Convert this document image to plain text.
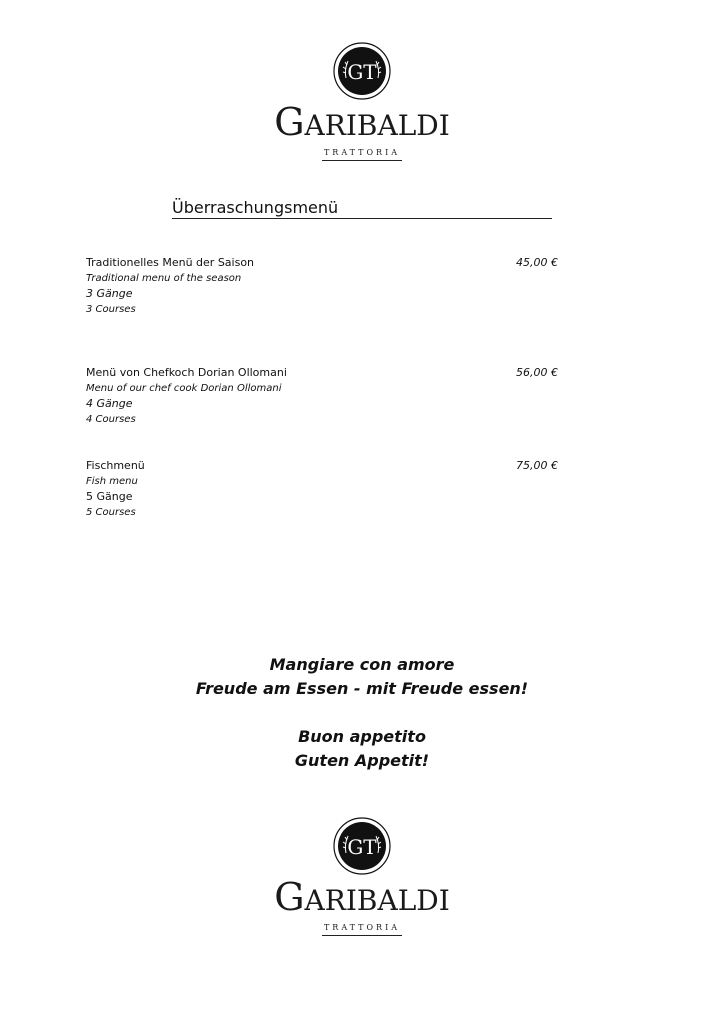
GT
GARIBALDI
TRATTORIA
Überraschungsmenü
Traditionelles Menü der Saison	45,00 €
Traditional menu of the season
3 Gänge
3 Courses
Menü von Chefkoch Dorian Ollomani	56,00 €
Menu of our chef cook Dorian Ollomani
4 Gänge
4 Courses
Fischmenü	75,00 €
Fish menu
5 Gänge
5 Courses
Mangiare con amore
Freude am Essen - mit Freude essen!
Buon appetito
Guten Appetit!
GT
GARIBALDI
TRATTORIA
